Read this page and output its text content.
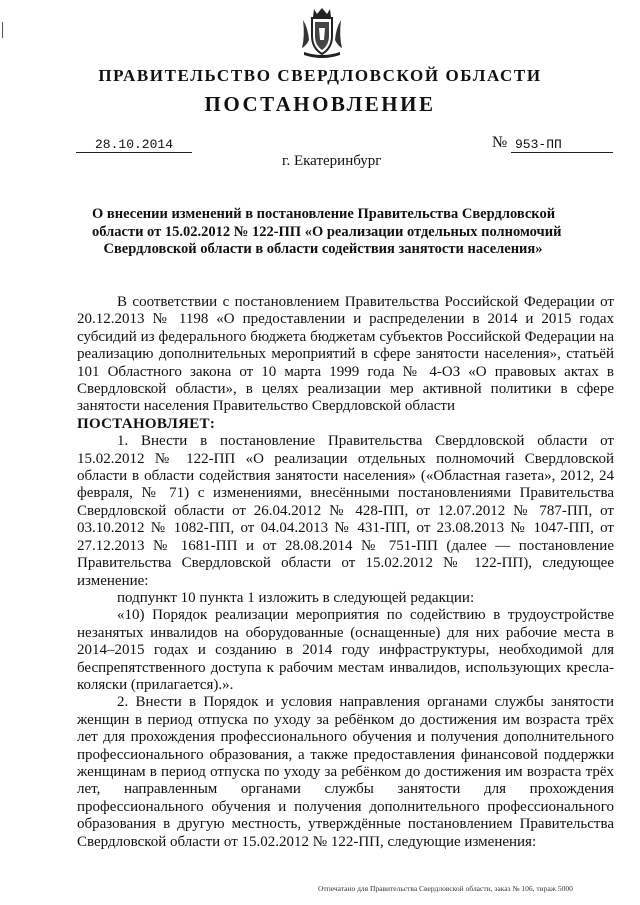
ПРАВИТЕЛЬСТВО СВЕРДЛОВСКОЙ ОБЛАСТИ
ПОСТАНОВЛЕНИЕ
28.10.2014	№ 953-ПП
г. Екатеринбург
О внесении изменений в постановление Правительства Свердловской
области от 15.02.2012 № 122-ПП «О реализации отдельных полномочий
Свердловской области в области содействия занятости населения»

В соответствии с постановлением Правительства Российской Федерации от 20.12.2013 № 1198 «О предоставлении и распределении в 2014 и 2015 годах субсидий из федерального бюджета бюджетам субъектов Российской Федерации на реализацию дополнительных мероприятий в сфере занятости населения», статьёй 101 Областного закона от 10 марта 1999 года № 4-ОЗ «О правовых актах в Свердловской области», в целях реализации мер активной политики в сфере занятости населения Правительство Свердловской области

ПОСТАНОВЛЯЕТ:

1. Внести в постановление Правительства Свердловской области от 15.02.2012 № 122-ПП «О реализации отдельных полномочий Свердловской области в области содействия занятости населения» («Областная газета», 2012, 24 февраля, № 71) с изменениями, внесёнными постановлениями Правительства Свердловской области от 26.04.2012 № 428-ПП, от 12.07.2012 № 787-ПП, от 03.10.2012 № 1082-ПП, от 04.04.2013 № 431-ПП, от 23.08.2013 № 1047-ПП, от 27.12.2013 № 1681-ПП и от 28.08.2014 № 751-ПП (далее — постановление Правительства Свердловской области от 15.02.2012 № 122-ПП), следующее изменение:

подпункт 10 пункта 1 изложить в следующей редакции:

«10) Порядок реализации мероприятия по содействию в трудоустройстве незанятых инвалидов на оборудованные (оснащенные) для них рабочие места в 2014–2015 годах и созданию в 2014 году инфраструктуры, необходимой для беспрепятственного доступа к рабочим местам инвалидов, использующих кресла-коляски (прилагается).».

2. Внести в Порядок и условия направления органами службы занятости женщин в период отпуска по уходу за ребёнком до достижения им возраста трёх лет для прохождения профессионального обучения и получения дополнительного профессионального образования, а также предоставления финансовой поддержки женщинам в период отпуска по уходу за ребёнком до достижения им возраста трёх лет, направленным органами службы занятости для прохождения профессионального обучения и получения дополнительного профессионального образования в другую местность, утверждённые постановлением Правительства Свердловской области от 15.02.2012 № 122-ПП, следующие изменения:

Отпечатано для Правительства Свердловской области, заказ № 106, тираж 5000
